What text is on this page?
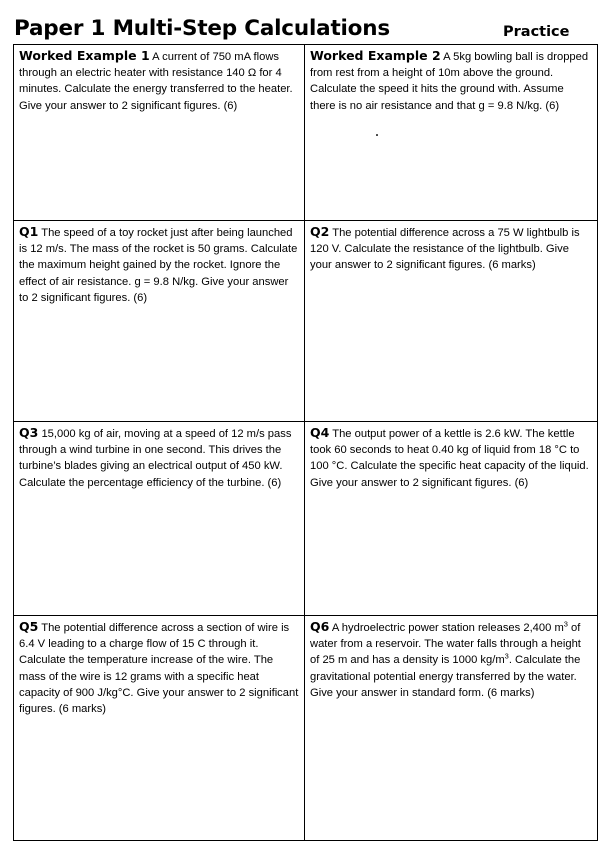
Paper 1 Multi-Step Calculations	Practice
Worked Example 1 A current of 750 mA flows through an electric heater with resistance 140 Ω for 4 minutes. Calculate the energy transferred to the heater. Give your answer to 2 significant figures. (6)
Worked Example 2 A 5kg bowling ball is dropped from rest from a height of 10m above the ground. Calculate the speed it hits the ground with. Assume there is no air resistance and that g = 9.8 N/kg. (6)
Q1 The speed of a toy rocket just after being launched is 12 m/s. The mass of the rocket is 50 grams. Calculate the maximum height gained by the rocket. Ignore the effect of air resistance. g = 9.8 N/kg. Give your answer to 2 significant figures. (6)
Q2 The potential difference across a 75 W lightbulb is 120 V. Calculate the resistance of the lightbulb. Give your answer to 2 significant figures. (6 marks)
Q3 15,000 kg of air, moving at a speed of 12 m/s pass through a wind turbine in one second. This drives the turbine’s blades giving an electrical output of 450 kW. Calculate the percentage efficiency of the turbine. (6)
Q4 The output power of a kettle is 2.6 kW. The kettle took 60 seconds to heat 0.40 kg of liquid from 18 °C to 100 °C. Calculate the specific heat capacity of the liquid. Give your answer to 2 significant figures. (6)
Q5 The potential difference across a section of wire is 6.4 V leading to a charge flow of 15 C through it. Calculate the temperature increase of the wire. The mass of the wire is 12 grams with a specific heat capacity of 900 J/kg°C. Give your answer to 2 significant figures. (6 marks)
Q6 A hydroelectric power station releases 2,400 $m^3$ of water from a reservoir. The water falls through a height of 25 m and has a density is 1000 $kg/m^3$. Calculate the gravitational potential energy transferred by the water. Give your answer in standard form. (6 marks)
